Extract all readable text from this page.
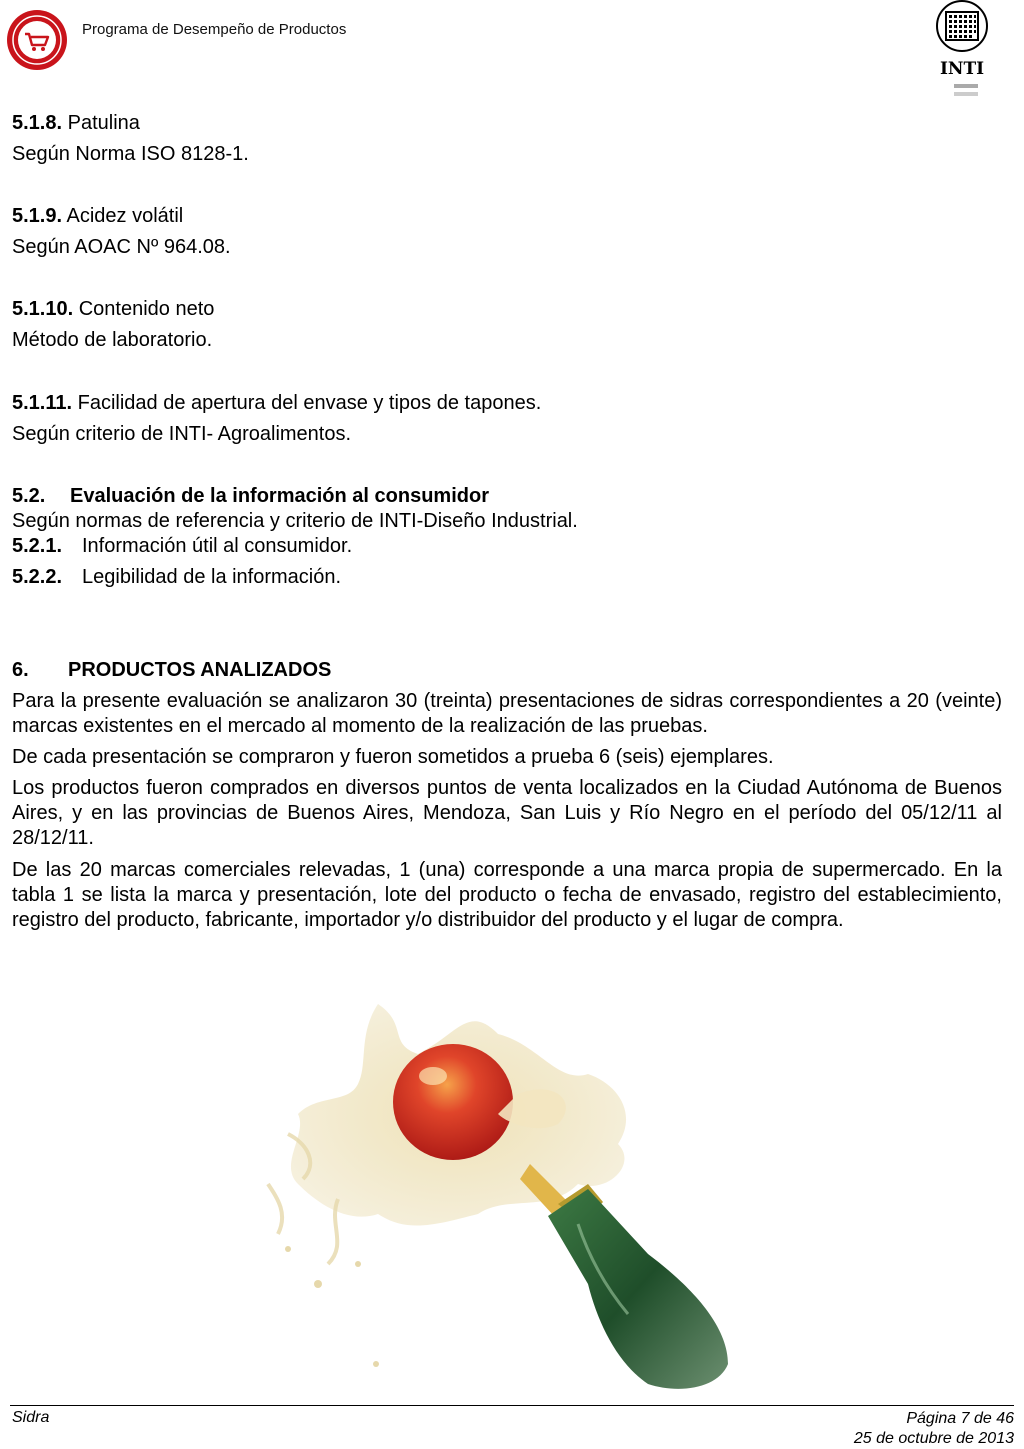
Programa de Desempeño de Productos
INTI
5.1.8. Patulina
Según Norma ISO 8128-1.
5.1.9. Acidez volátil
Según AOAC Nº 964.08.
5.1.10. Contenido neto
Método de laboratorio.
5.1.11. Facilidad de apertura del envase y tipos de tapones.
Según criterio de INTI- Agroalimentos.
5.2. Evaluación de la información al consumidor
Según normas de referencia y criterio de INTI-Diseño Industrial.
5.2.1. Información útil al consumidor.
5.2.2. Legibilidad de la información.
6. PRODUCTOS ANALIZADOS
Para la presente evaluación se analizaron 30 (treinta) presentaciones de sidras correspondientes a 20 (veinte) marcas existentes en el mercado al momento de la realización de las pruebas.
De cada presentación se compraron y fueron sometidos a prueba 6 (seis) ejemplares.
Los productos fueron comprados en diversos puntos de venta localizados en la Ciudad Autónoma de Buenos Aires, y en las provincias de Buenos Aires, Mendoza, San Luis y Río Negro en el período del 05/12/11 al 28/12/11.
De las 20 marcas comerciales relevadas, 1 (una) corresponde a una marca propia de supermercado. En la tabla 1 se lista la marca y presentación, lote del producto o fecha de envasado, registro del establecimiento, registro del producto, fabricante, importador y/o distribuidor del producto y el lugar de compra.
Sidra	Página 7 de 46
25 de octubre de 2013
